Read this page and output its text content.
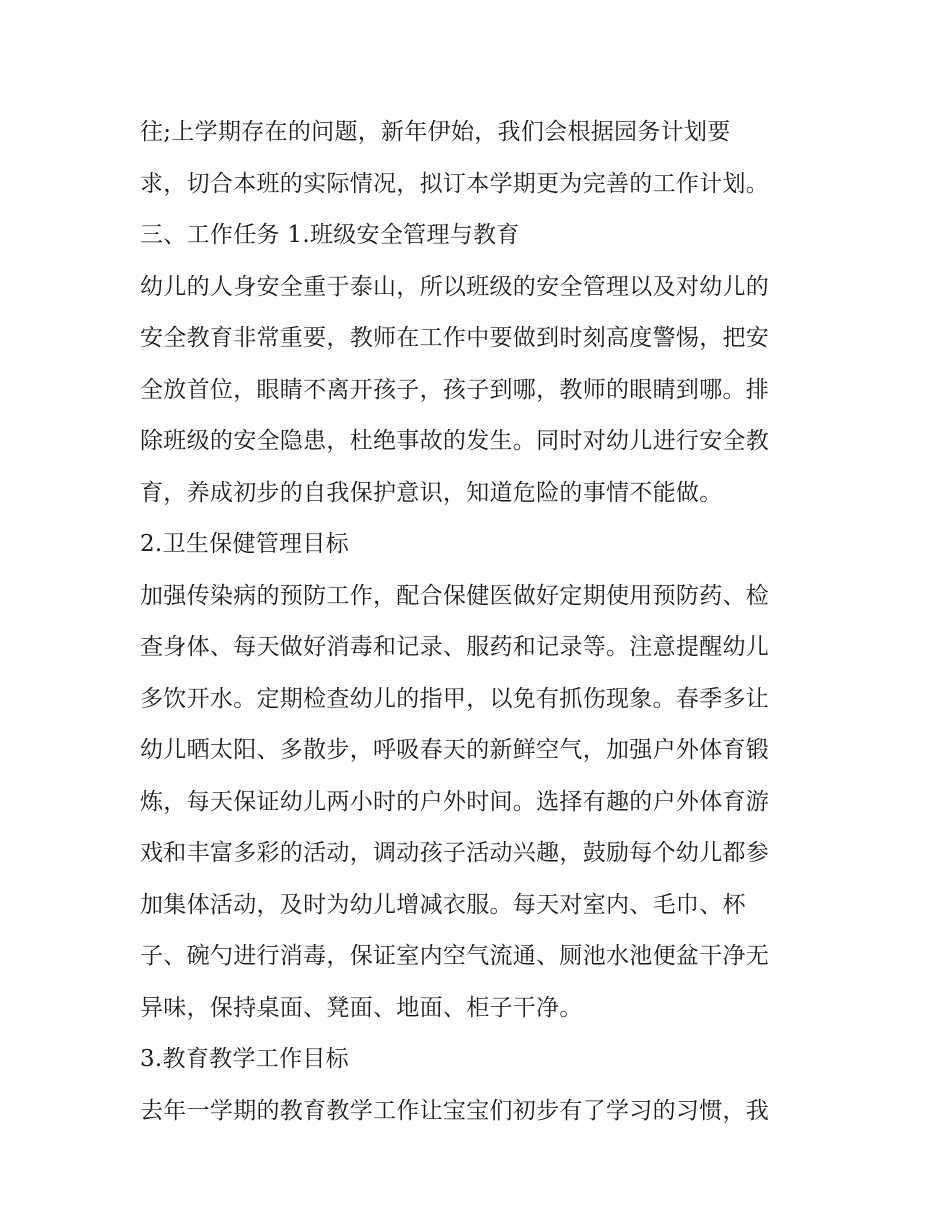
往;上学期存在的问题，新年伊始，我们会根据园务计划要
求，切合本班的实际情况，拟订本学期更为完善的工作计划。
三、工作任务 1.班级安全管理与教育
幼儿的人身安全重于泰山，所以班级的安全管理以及对幼儿的
安全教育非常重要，教师在工作中要做到时刻高度警惕，把安
全放首位，眼睛不离开孩子，孩子到哪，教师的眼睛到哪。排
除班级的安全隐患，杜绝事故的发生。同时对幼儿进行安全教
育，养成初步的自我保护意识，知道危险的事情不能做。
2.卫生保健管理目标
加强传染病的预防工作，配合保健医做好定期使用预防药、检
查身体、每天做好消毒和记录、服药和记录等。注意提醒幼儿
多饮开水。定期检查幼儿的指甲，以免有抓伤现象。春季多让
幼儿晒太阳、多散步，呼吸春天的新鲜空气，加强户外体育锻
炼，每天保证幼儿两小时的户外时间。选择有趣的户外体育游
戏和丰富多彩的活动，调动孩子活动兴趣，鼓励每个幼儿都参
加集体活动，及时为幼儿增减衣服。每天对室内、毛巾、杯
子、碗勺进行消毒，保证室内空气流通、厕池水池便盆干净无
异味，保持桌面、凳面、地面、柜子干净。
3.教育教学工作目标
去年一学期的教育教学工作让宝宝们初步有了学习的习惯，我
